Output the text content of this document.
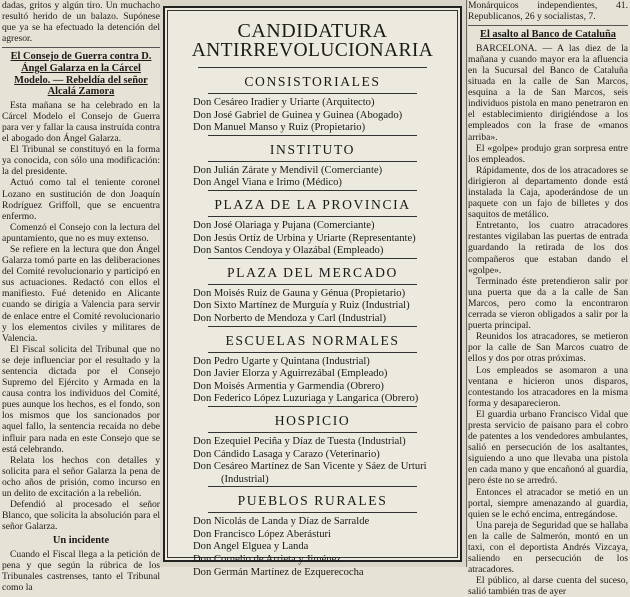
dadas, gritos y algún tiro. Un muchacho resultó herido de un balazo. Supónese que ya se ha efectuado la detención del agresor.

El Consejo de Guerra contra D. Ángel Galarza en la Cárcel Modelo. — Rebeldía del señor Alcalá Zamora

Esta mañana se ha celebrado en la Cárcel Modelo el Consejo de Guerra para ver y fallar la causa instruída contra el abogado don Ángel Galarza.

El Tribunal se constituyó en la forma ya conocida, con sólo una modificación: la del presidente.

Actuó como tal el teniente coronel Lozano en sustitución de don Joaquín Rodríguez Griffoll, que se encuentra enfermo.

Comenzó el Consejo con la lectura del apuntamiento, que no es muy extenso.

Se refiere en la lectura que don Ángel Galarza tomó parte en las deliberaciones del Comité revolucionario y participó en sus actuaciones. Redactó con ellos el manifiesto. Fué detenido en Alicante cuando se dirigía a Valencia para servir de enlace entre el Comité revolucionario y los elementos civiles y militares de Valencia.

El Fiscal solicita del Tribunal que no se deje influenciar por el resultado y la sentencia dictada por el Consejo Supremo del Ejército y Armada en la causa contra los individuos del Comité, pues aunque los hechos, es el fondo, son los mismos que los sancionados por aquel fallo, la sentencia recaída no debe influir para nada en este Consejo que se está celebrando.

Relata los hechos con detalles y solicita para el señor Galarza la pena de ocho años de prisión, como incurso en un delito de excitación a la rebelión.

Defendió al procesado el señor Blanco, que solicita la absolución para el señor Galarza.

Un incidente

Cuando el Fiscal llega a la petición de pena y que según la rúbrica de los Tribunales castrenses, tanto el Tribunal como la

CANDIDATURA
ANTIRREVOLUCIONARIA
CONSISTORIALES
Don Cesáreo Iradier y Uriarte (Arquitecto)
Don José Gabriel de Guinea y Guinea (Abogado)
Don Manuel Manso y Ruiz (Propietario)
INSTITUTO
Don Julián Zárate y Mendivil (Comerciante)
Don Angel Viana e Irimo (Médico)
PLAZA DE LA PROVINCIA
Don José Olariaga y Pujana (Comerciante)
Don Jesús Ortíz de Urbina y Uriarte (Representante)
Don Santos Cendoya y Olazábal (Empleado)
PLAZA DEL MERCADO
Don Moisés Ruiz de Gauna y Génua (Propietario)
Don Sixto Martínez de Murguía y Ruiz (Industrial)
Don Norberto de Mendoza y Carl (Industrial)
ESCUELAS NORMALES
Don Pedro Ugarte y Quintana (Industrial)
Don Javier Elorza y Aguirrezábal (Empleado)
Don Moisés Armentia y Garmendia (Obrero)
Don Federico López Luzuriaga y Langarica (Obrero)
HOSPICIO
Don Ezequiel Peciña y Díaz de Tuesta (Industrial)
Don Cándido Lasaga y Carazo (Veterinario)
Don Cesáreo Martínez de San Vicente y Sáez de Urturi
(Industrial)
PUEBLOS RURALES
Don Nicolás de Landa y Díaz de Sarralde
Don Francisco López Aberásturi
Don Angel Elguea y Landa
Don Cornelio de Arrieta y Jiménez
Don Germán Martínez de Ezquerecocha

Monárquicos independientes, 41. Republicanos, 26 y socialistas, 7.

El asalto al Banco de Cataluña

BARCELONA. — A las diez de la mañana y cuando mayor era la afluencia en la Sucursal del Banco de Cataluña situada en la calle de San Marcos, esquina a la de San Marcos, seis individuos pistola en mano penetraron en el establecimiento dirigiéndose a los empleados con la frase de «manos arriba».

El «golpe» produjo gran sorpresa entre los empleados.

Rápidamente, dos de los atracadores se dirigieron al departamento donde está instalada la Caja, apoderándose de un paquete con un fajo de billetes y dos saquitos de metálico.

Entretanto, los cuatro atracadores restantes vigilaban las puertas de entrada guardando la retirada de los dos compañeros que estaban dando el «golpe».

Terminado éste pretendieron salir por una puerta que da a la calle de San Marcos, pero como la encontraron cerrada se vieron obligados a salir por la puerta principal.

Reunidos los atracadores, se metieron por la calle de San Marcos cuatro de ellos y dos por otras próximas.

Los empleados se asomaron a una ventana e hicieron unos disparos, contestando los atracadores en la misma forma y desaparecieron.

El guardia urbano Francisco Vidal que presta servicio de paisano para el cobro de patentes a los vendedores ambulantes, salió en persecución de los asaltantes, siguiendo a uno que llevaba una pistola en cada mano y que encañonó al guardia, pero éste no se arredró.

Entonces el atracador se metió en un portal, siempre amenazando al guardia, quien se le echó encima, entregándose.

Una pareja de Seguridad que se hallaba en la calle de Salmerón, montó en un taxi, con el deportista Andrés Vizcaya, saliendo en persecución de los atracadores.

El público, al darse cuenta del suceso, salió también tras de ayer
